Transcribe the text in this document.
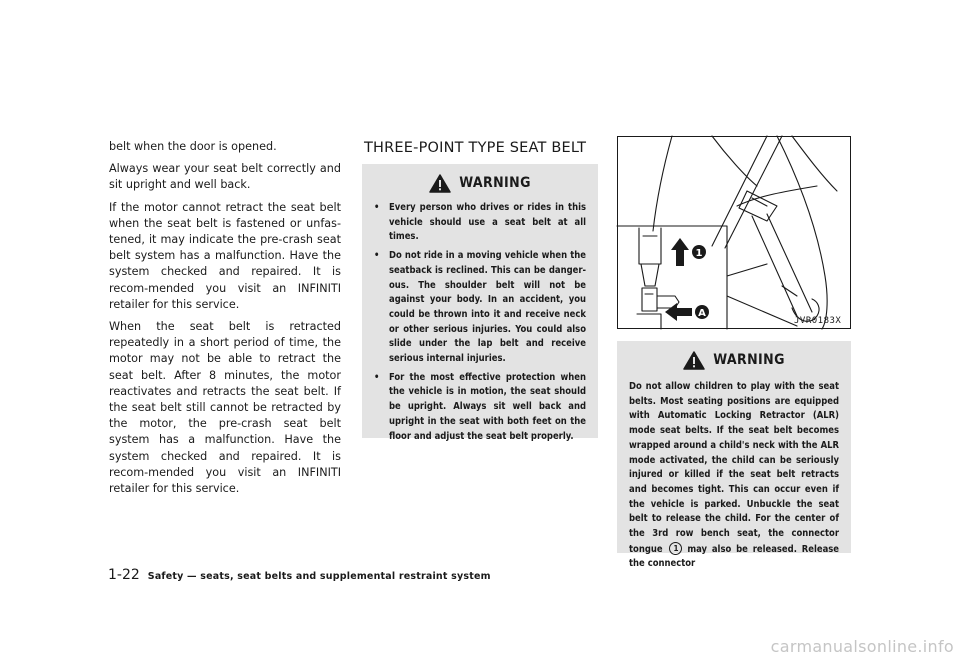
belt when the door is opened.

Always wear your seat belt correctly and sit upright and well back.

If the motor cannot retract the seat belt when the seat belt is fastened or unfas-tened, it may indicate the pre-crash seat belt system has a malfunction. Have the system checked and repaired. It is recom-mended you visit an INFINITI retailer for this service.

When the seat belt is retracted repeatedly in a short period of time, the motor may not be able to retract the seat belt. After 8 minutes, the motor reactivates and retracts the seat belt. If the seat belt still cannot be retracted by the motor, the pre-crash seat belt system has a malfunction. Have the system checked and repaired. It is recom-mended you visit an INFINITI retailer for this service.

THREE-POINT TYPE SEAT BELT
WARNING
• Every person who drives or rides in this vehicle should use a seat belt at all times.
• Do not ride in a moving vehicle when the seatback is reclined. This can be danger-ous. The shoulder belt will not be against your body. In an accident, you could be thrown into it and receive neck or other serious injuries. You could also slide under the lap belt and receive serious internal injuries.
• For the most effective protection when the vehicle is in motion, the seat should be upright. Always sit well back and upright in the seat with both feet on the floor and adjust the seat belt properly.
1
A
JVR0183X
WARNING
Do not allow children to play with the seat belts. Most seating positions are equipped with Automatic Locking Retractor (ALR) mode seat belts. If the seat belt becomes wrapped around a child's neck with the ALR mode activated, the child can be seriously injured or killed if the seat belt retracts and becomes tight. This can occur even if the vehicle is parked. Unbuckle the seat belt to release the child. For the center of the 3rd row bench seat, the connector tongue 1 may also be released. Release the connector
1-22 Safety — seats, seat belts and supplemental restraint system
carmanualsonline.info
